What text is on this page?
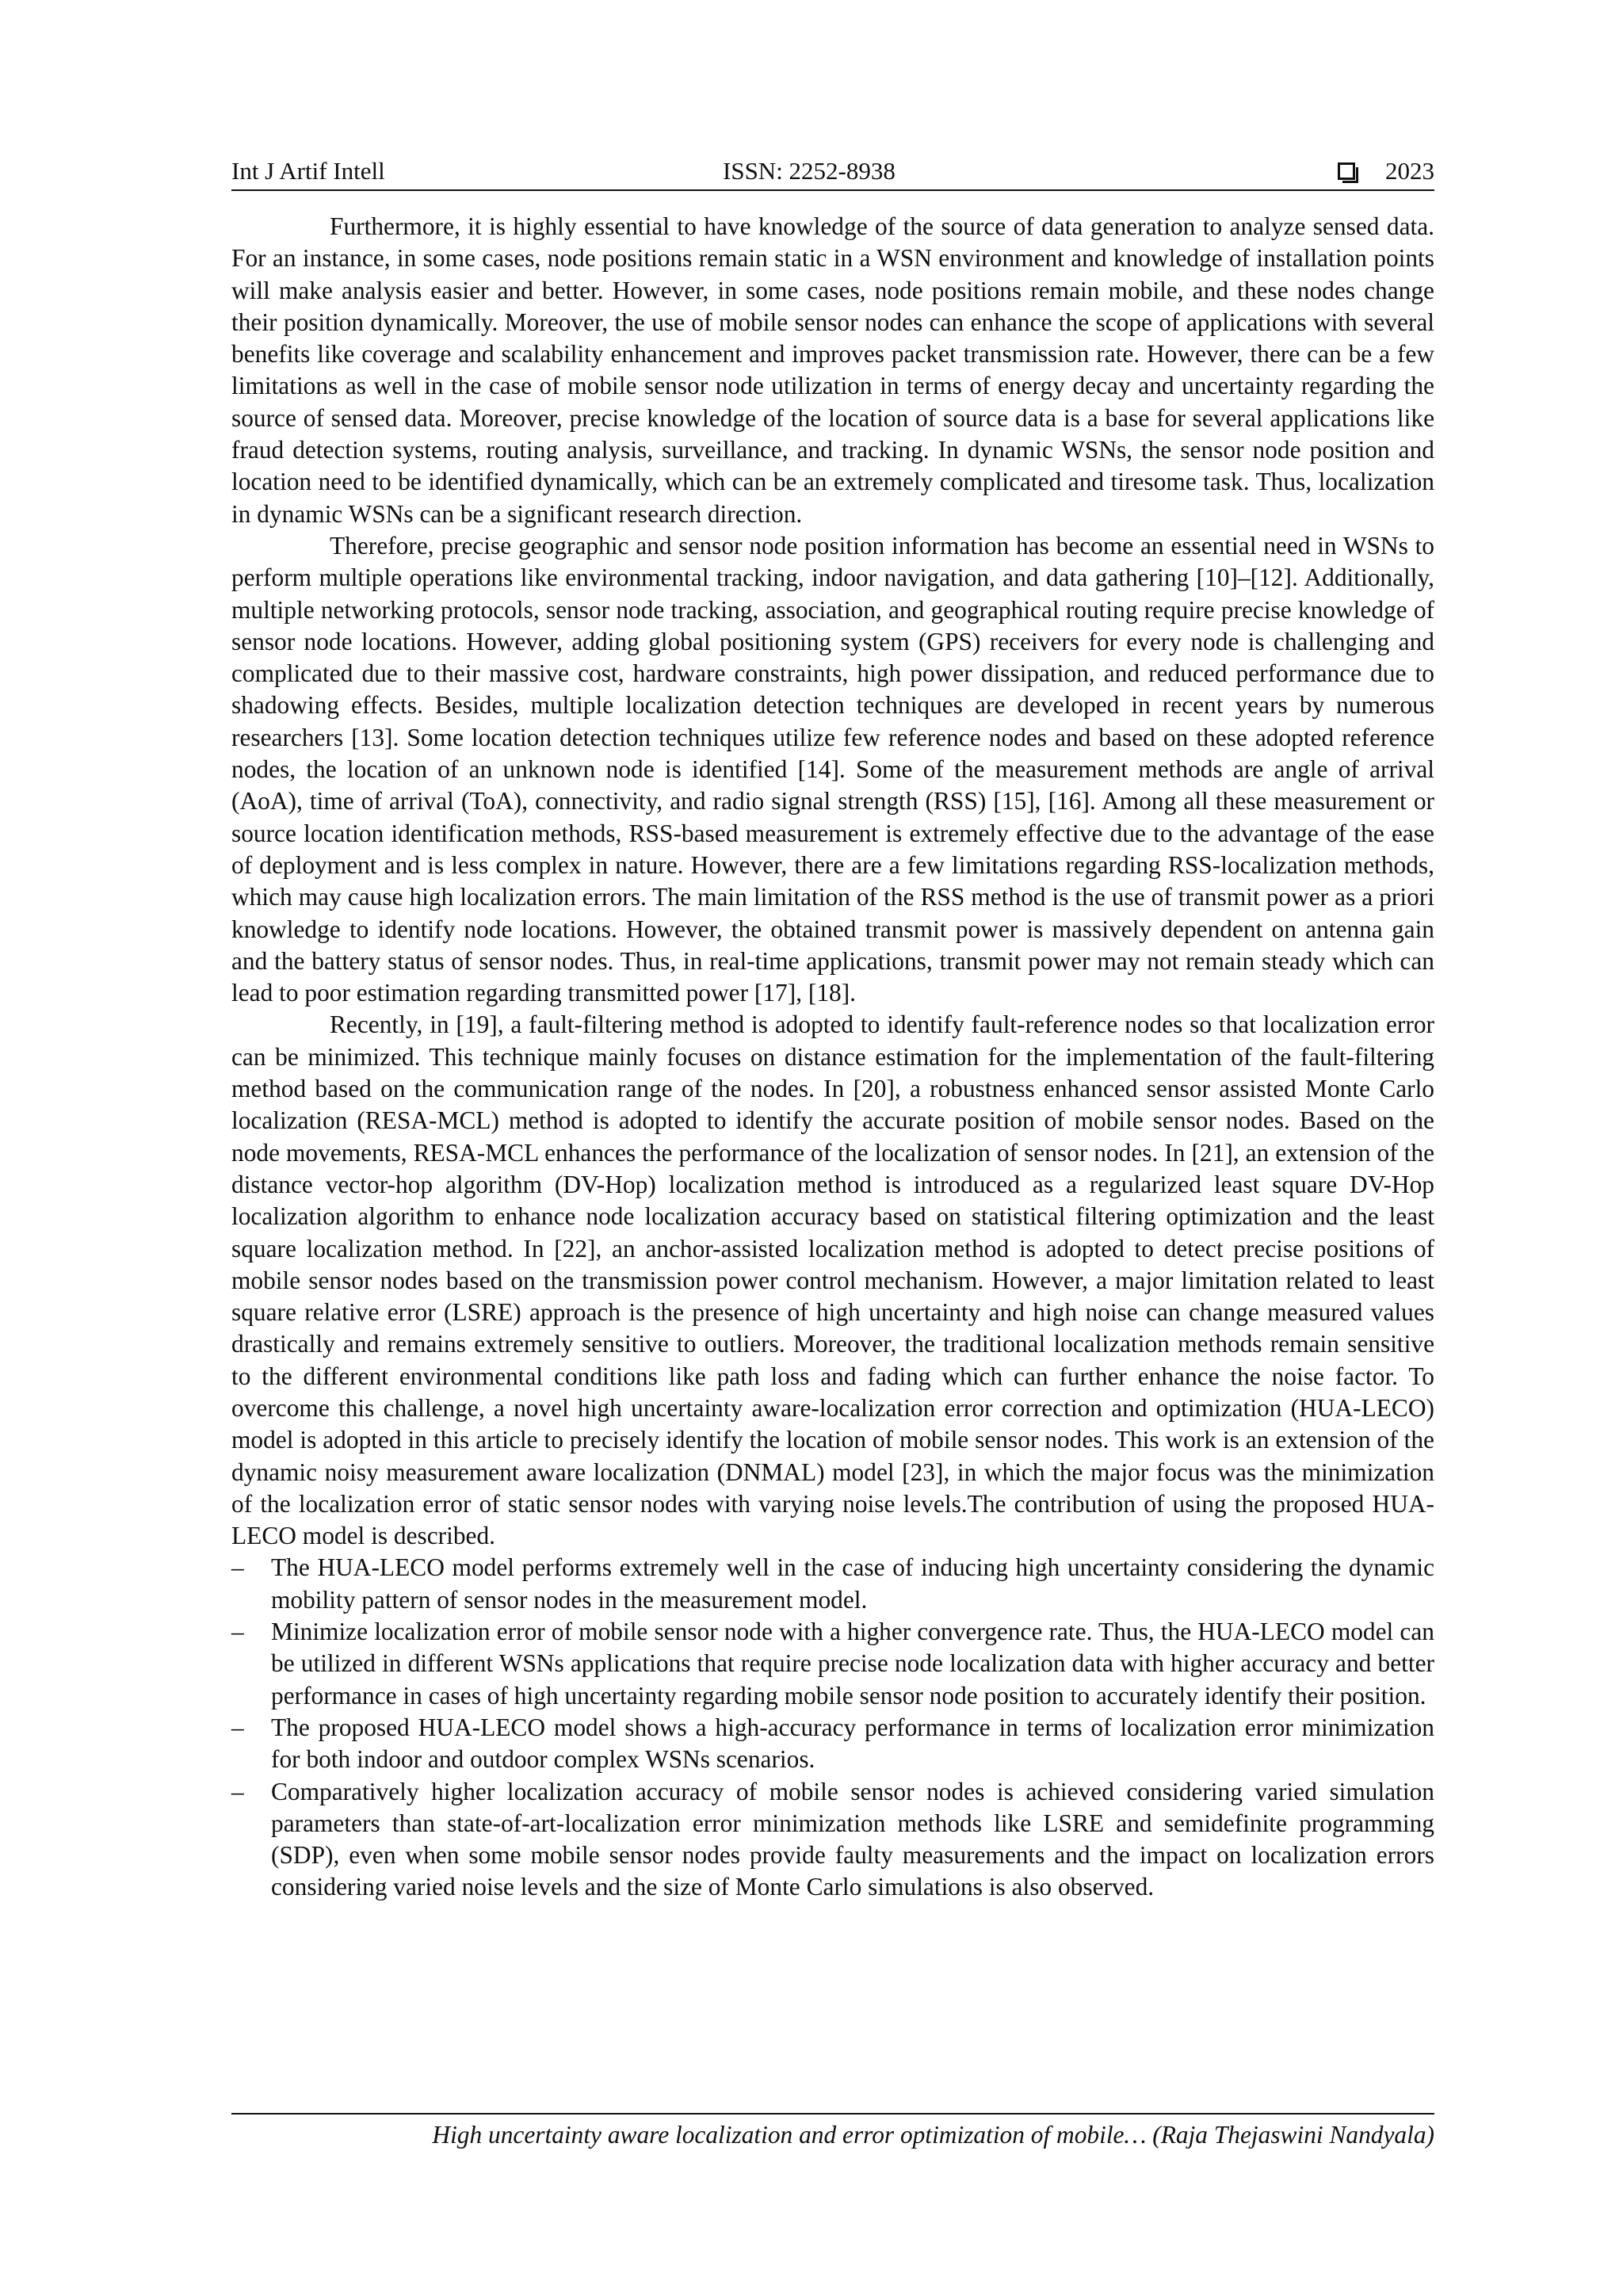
Int J Artif Intell	ISSN: 2252-8938	2023

Furthermore, it is highly essential to have knowledge of the source of data generation to analyze sensed data. For an instance, in some cases, node positions remain static in a WSN environment and knowledge of installation points will make analysis easier and better. However, in some cases, node positions remain mobile, and these nodes change their position dynamically. Moreover, the use of mobile sensor nodes can enhance the scope of applications with several benefits like coverage and scalability enhancement and improves packet transmission rate. However, there can be a few limitations as well in the case of mobile sensor node utilization in terms of energy decay and uncertainty regarding the source of sensed data. Moreover, precise knowledge of the location of source data is a base for several applications like fraud detection systems, routing analysis, surveillance, and tracking. In dynamic WSNs, the sensor node position and location need to be identified dynamically, which can be an extremely complicated and tiresome task. Thus, localization in dynamic WSNs can be a significant research direction.

Therefore, precise geographic and sensor node position information has become an essential need in WSNs to perform multiple operations like environmental tracking, indoor navigation, and data gathering [10]–[12]. Additionally, multiple networking protocols, sensor node tracking, association, and geographical routing require precise knowledge of sensor node locations. However, adding global positioning system (GPS) receivers for every node is challenging and complicated due to their massive cost, hardware constraints, high power dissipation, and reduced performance due to shadowing effects. Besides, multiple localization detection techniques are developed in recent years by numerous researchers [13]. Some location detection techniques utilize few reference nodes and based on these adopted reference nodes, the location of an unknown node is identified [14]. Some of the measurement methods are angle of arrival (AoA), time of arrival (ToA), connectivity, and radio signal strength (RSS) [15], [16]. Among all these measurement or source location identification methods, RSS-based measurement is extremely effective due to the advantage of the ease of deployment and is less complex in nature. However, there are a few limitations regarding RSS-localization methods, which may cause high localization errors. The main limitation of the RSS method is the use of transmit power as a priori knowledge to identify node locations. However, the obtained transmit power is massively dependent on antenna gain and the battery status of sensor nodes. Thus, in real-time applications, transmit power may not remain steady which can lead to poor estimation regarding transmitted power [17], [18].

Recently, in [19], a fault-filtering method is adopted to identify fault-reference nodes so that localization error can be minimized. This technique mainly focuses on distance estimation for the implementation of the fault-filtering method based on the communication range of the nodes. In [20], a robustness enhanced sensor assisted Monte Carlo localization (RESA-MCL) method is adopted to identify the accurate position of mobile sensor nodes. Based on the node movements, RESA-MCL enhances the performance of the localization of sensor nodes. In [21], an extension of the distance vector-hop algorithm (DV-Hop) localization method is introduced as a regularized least square DV-Hop localization algorithm to enhance node localization accuracy based on statistical filtering optimization and the least square localization method. In [22], an anchor-assisted localization method is adopted to detect precise positions of mobile sensor nodes based on the transmission power control mechanism. However, a major limitation related to least square relative error (LSRE) approach is the presence of high uncertainty and high noise can change measured values drastically and remains extremely sensitive to outliers. Moreover, the traditional localization methods remain sensitive to the different environmental conditions like path loss and fading which can further enhance the noise factor. To overcome this challenge, a novel high uncertainty aware-localization error correction and optimization (HUA-LECO) model is adopted in this article to precisely identify the location of mobile sensor nodes. This work is an extension of the dynamic noisy measurement aware localization (DNMAL) model [23], in which the major focus was the minimization of the localization error of static sensor nodes with varying noise levels.The contribution of using the proposed HUA-LECO model is described.

– The HUA-LECO model performs extremely well in the case of inducing high uncertainty considering the dynamic mobility pattern of sensor nodes in the measurement model.
– Minimize localization error of mobile sensor node with a higher convergence rate. Thus, the HUA-LECO model can be utilized in different WSNs applications that require precise node localization data with higher accuracy and better performance in cases of high uncertainty regarding mobile sensor node position to accurately identify their position.
– The proposed HUA-LECO model shows a high-accuracy performance in terms of localization error minimization for both indoor and outdoor complex WSNs scenarios.
– Comparatively higher localization accuracy of mobile sensor nodes is achieved considering varied simulation parameters than state-of-art-localization error minimization methods like LSRE and semidefinite programming (SDP), even when some mobile sensor nodes provide faulty measurements and the impact on localization errors considering varied noise levels and the size of Monte Carlo simulations is also observed.
High uncertainty aware localization and error optimization of mobile… (Raja Thejaswini Nandyala)
